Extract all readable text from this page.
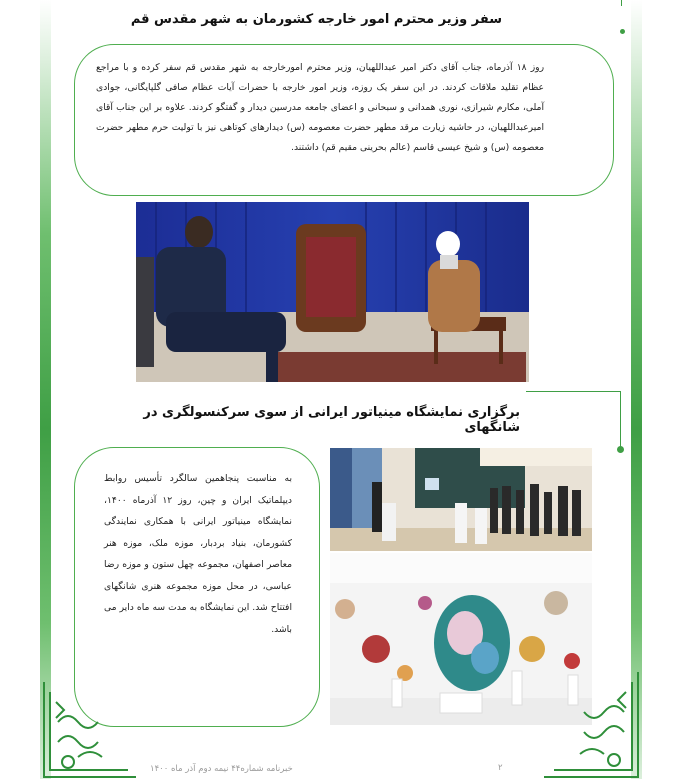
سفر وزیر محترم امور خارجه کشورمان به شهر مقدس قم
روز ۱۸ آذرماه، جناب آقای دکتر امیر عبداللهیان، وزیر محترم امورخارجه به شهر مقدس قم سفر کرده و با مراجع عظام تقلید ملاقات کردند. در این سفر یک روزه، وزیر امور خارجه با حضرات آیات عظام صافی گلپایگانی، جوادی آملی، مکارم شیرازی، نوری همدانی و سبحانی و اعضای جامعه مدرسین دیدار و گفتگو کردند. علاوه بر این جناب آقای امیرعبداللهیان، در حاشیه زیارت مرقد مطهر حضرت معصومه (س) دیدارهای کوتاهی نیز با تولیت حرم مطهر حضرت معصومه (س) و شیخ عیسی قاسم (عالم بحرینی مقیم قم) داشتند.
برگزاری نمایشگاه مینیاتور ایرانی از سوی سرکنسولگری در شانگهای
به مناسبت پنجاهمین سالگرد تأسیس روابط دیپلماتیک ایران و چین، روز ۱۲ آذرماه ۱۴۰۰، نمایشگاه مینیاتور ایرانی با همکاری نمایندگی کشورمان، بنیاد بردبار، موزه ملک، موزه هنر معاصر اصفهان، مجموعه چهل ستون و موزه رضا عباسی، در محل موزه مجموعه هنری شانگهای افتتاح شد. این نمایشگاه به مدت سه ماه دایر می باشد.
خبرنامه شماره۴۴ نیمه دوم آذر ماه ۱۴۰۰	۲
